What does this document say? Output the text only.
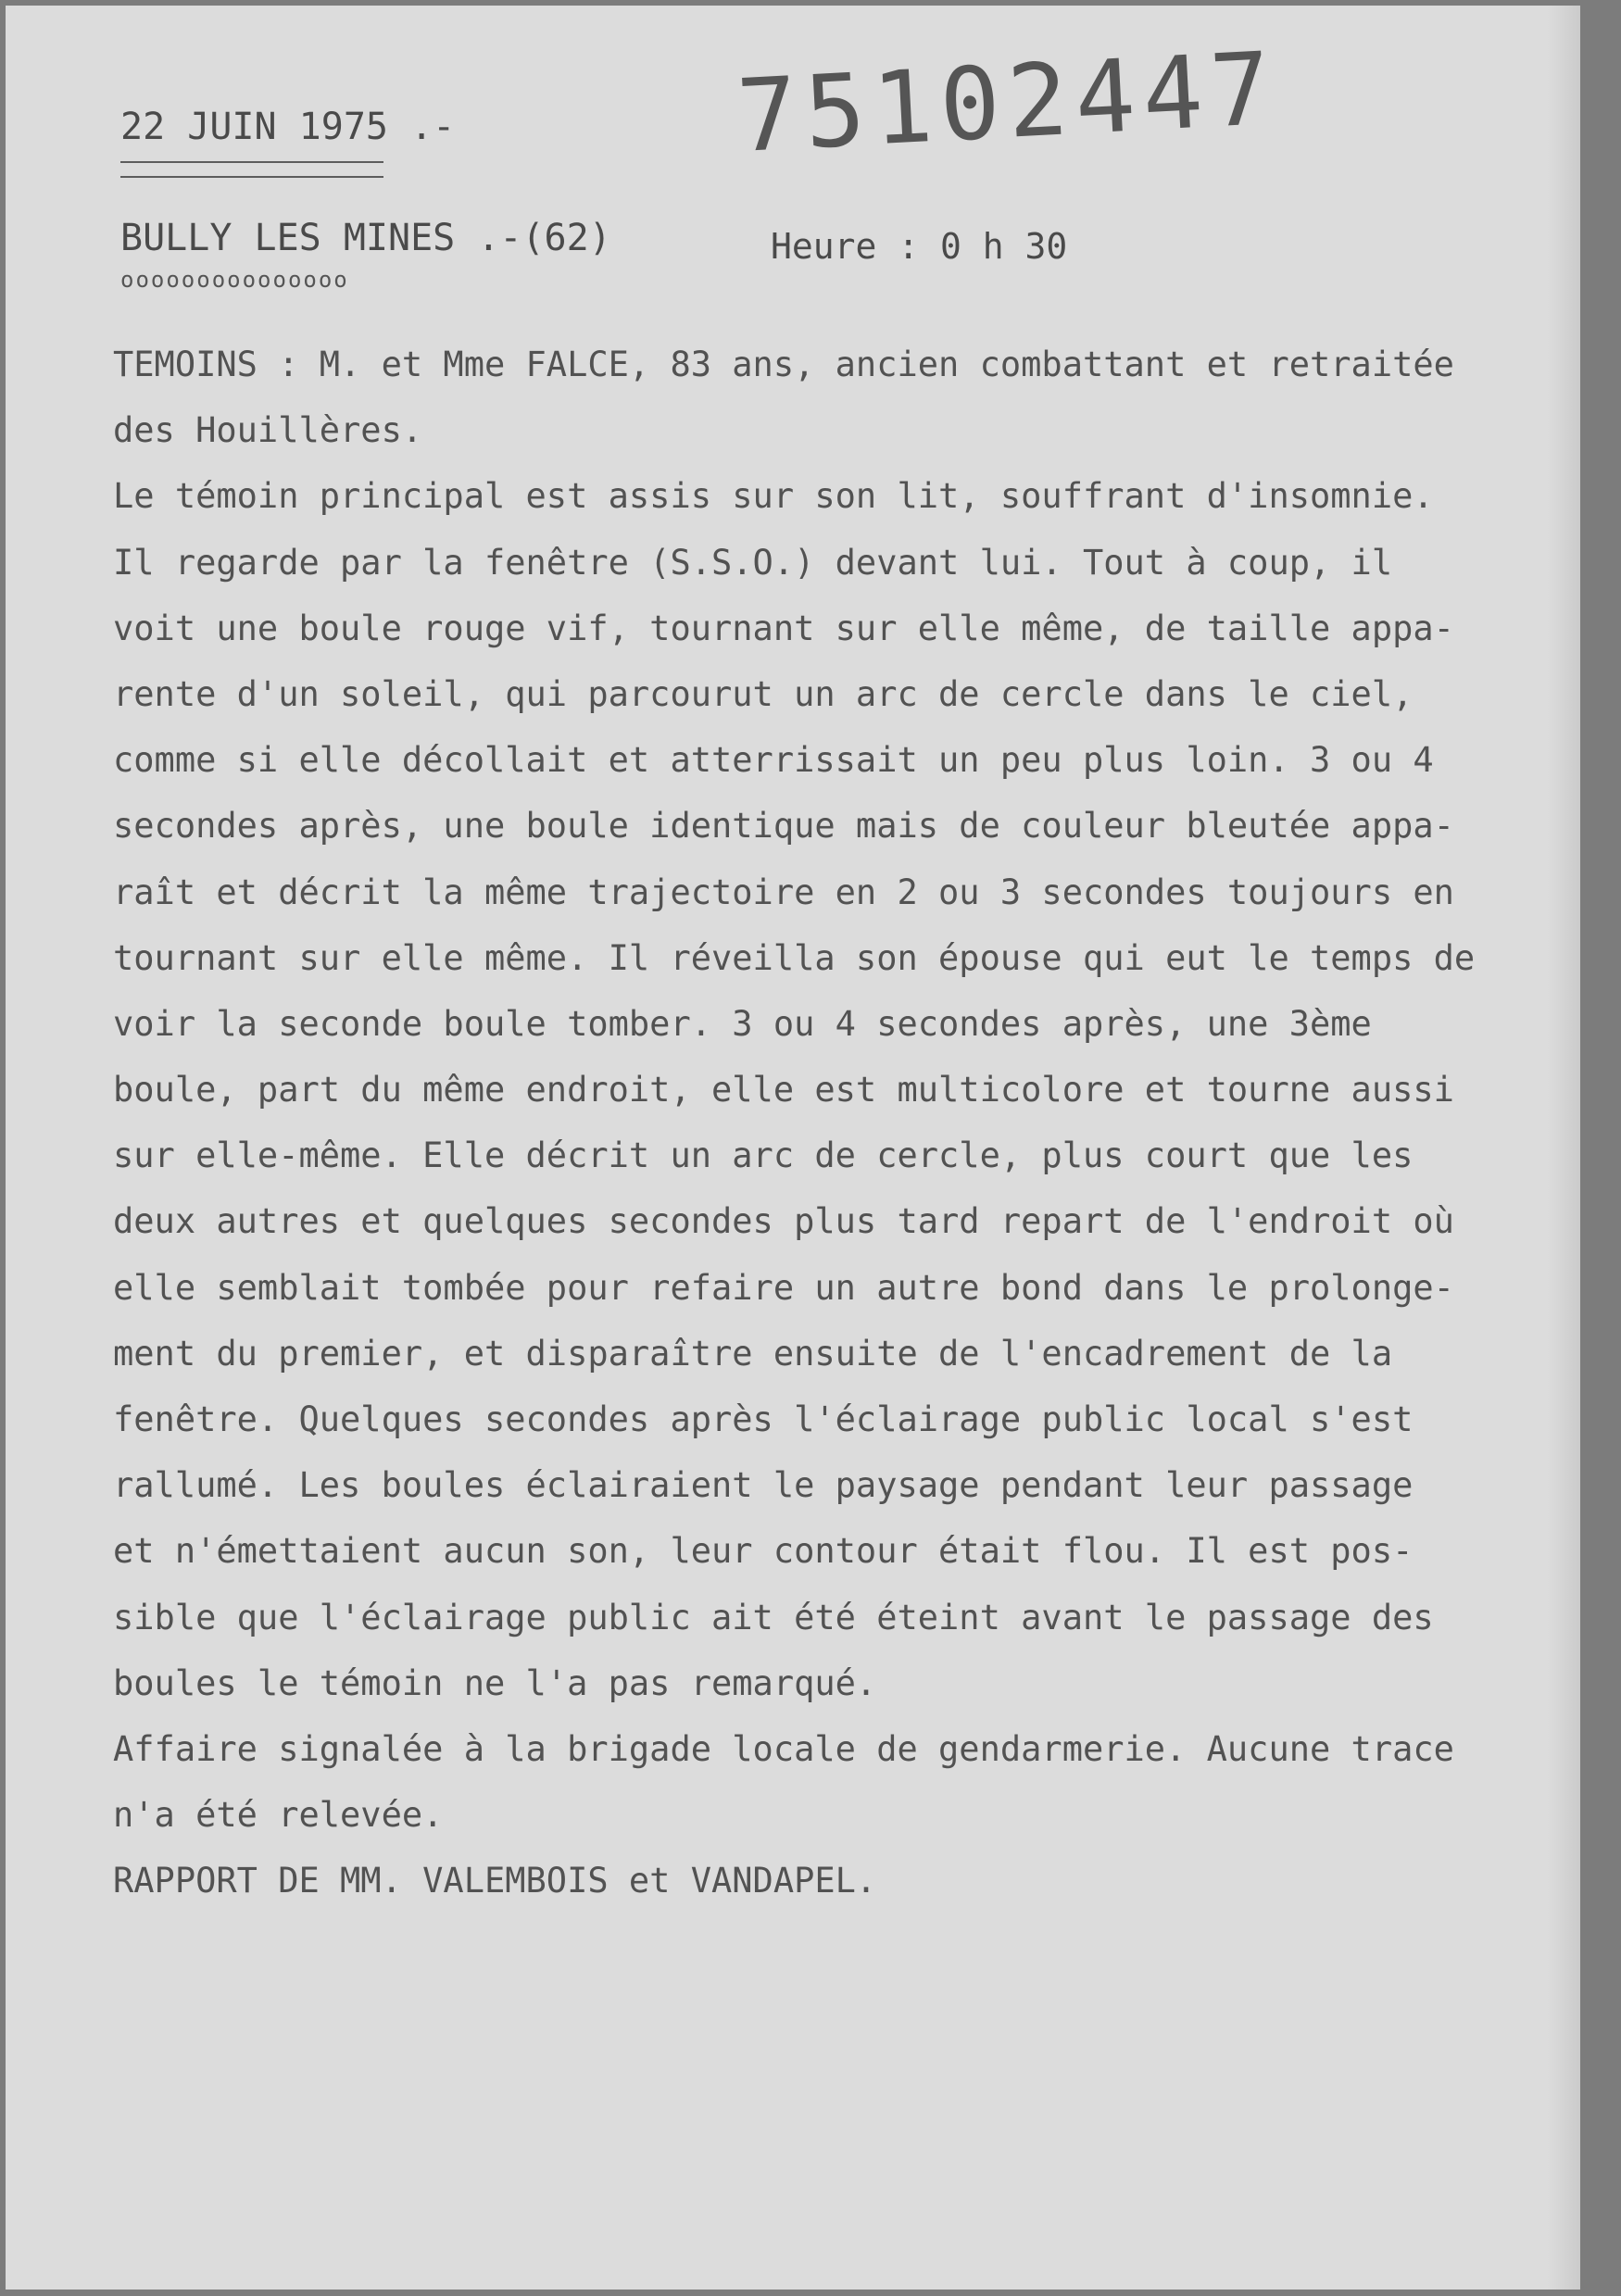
22 JUIN 1975 .-	75102447
BULLY LES MINES .-(62)
ooooooooooooooo
Heure : 0 h 30
TEMOINS : M. et Mme FALCE, 83 ans, ancien combattant et retraitée
des Houillères.
Le témoin principal est assis sur son lit, souffrant d'insomnie.
Il regarde par la fenêtre (S.S.O.) devant lui. Tout à coup, il
voit une boule rouge vif, tournant sur elle même, de taille appa-
rente d'un soleil, qui parcourut un arc de cercle dans le ciel,
comme si elle décollait et atterrissait un peu plus loin. 3 ou 4
secondes après, une boule identique mais de couleur bleutée appa-
raît et décrit la même trajectoire en 2 ou 3 secondes toujours en
tournant sur elle même. Il réveilla son épouse qui eut le temps de
voir la seconde boule tomber. 3 ou 4 secondes après, une 3ème
boule, part du même endroit, elle est multicolore et tourne aussi
sur elle-même. Elle décrit un arc de cercle, plus court que les
deux autres et quelques secondes plus tard repart de l'endroit où
elle semblait tombée pour refaire un autre bond dans le prolonge-
ment du premier, et disparaître ensuite de l'encadrement de la
fenêtre. Quelques secondes après l'éclairage public local s'est
rallumé. Les boules éclairaient le paysage pendant leur passage
et n'émettaient aucun son, leur contour était flou. Il est pos-
sible que l'éclairage public ait été éteint avant le passage des
boules le témoin ne l'a pas remarqué.
Affaire signalée à la brigade locale de gendarmerie. Aucune trace
n'a été relevée.
RAPPORT DE MM. VALEMBOIS et VANDAPEL.
